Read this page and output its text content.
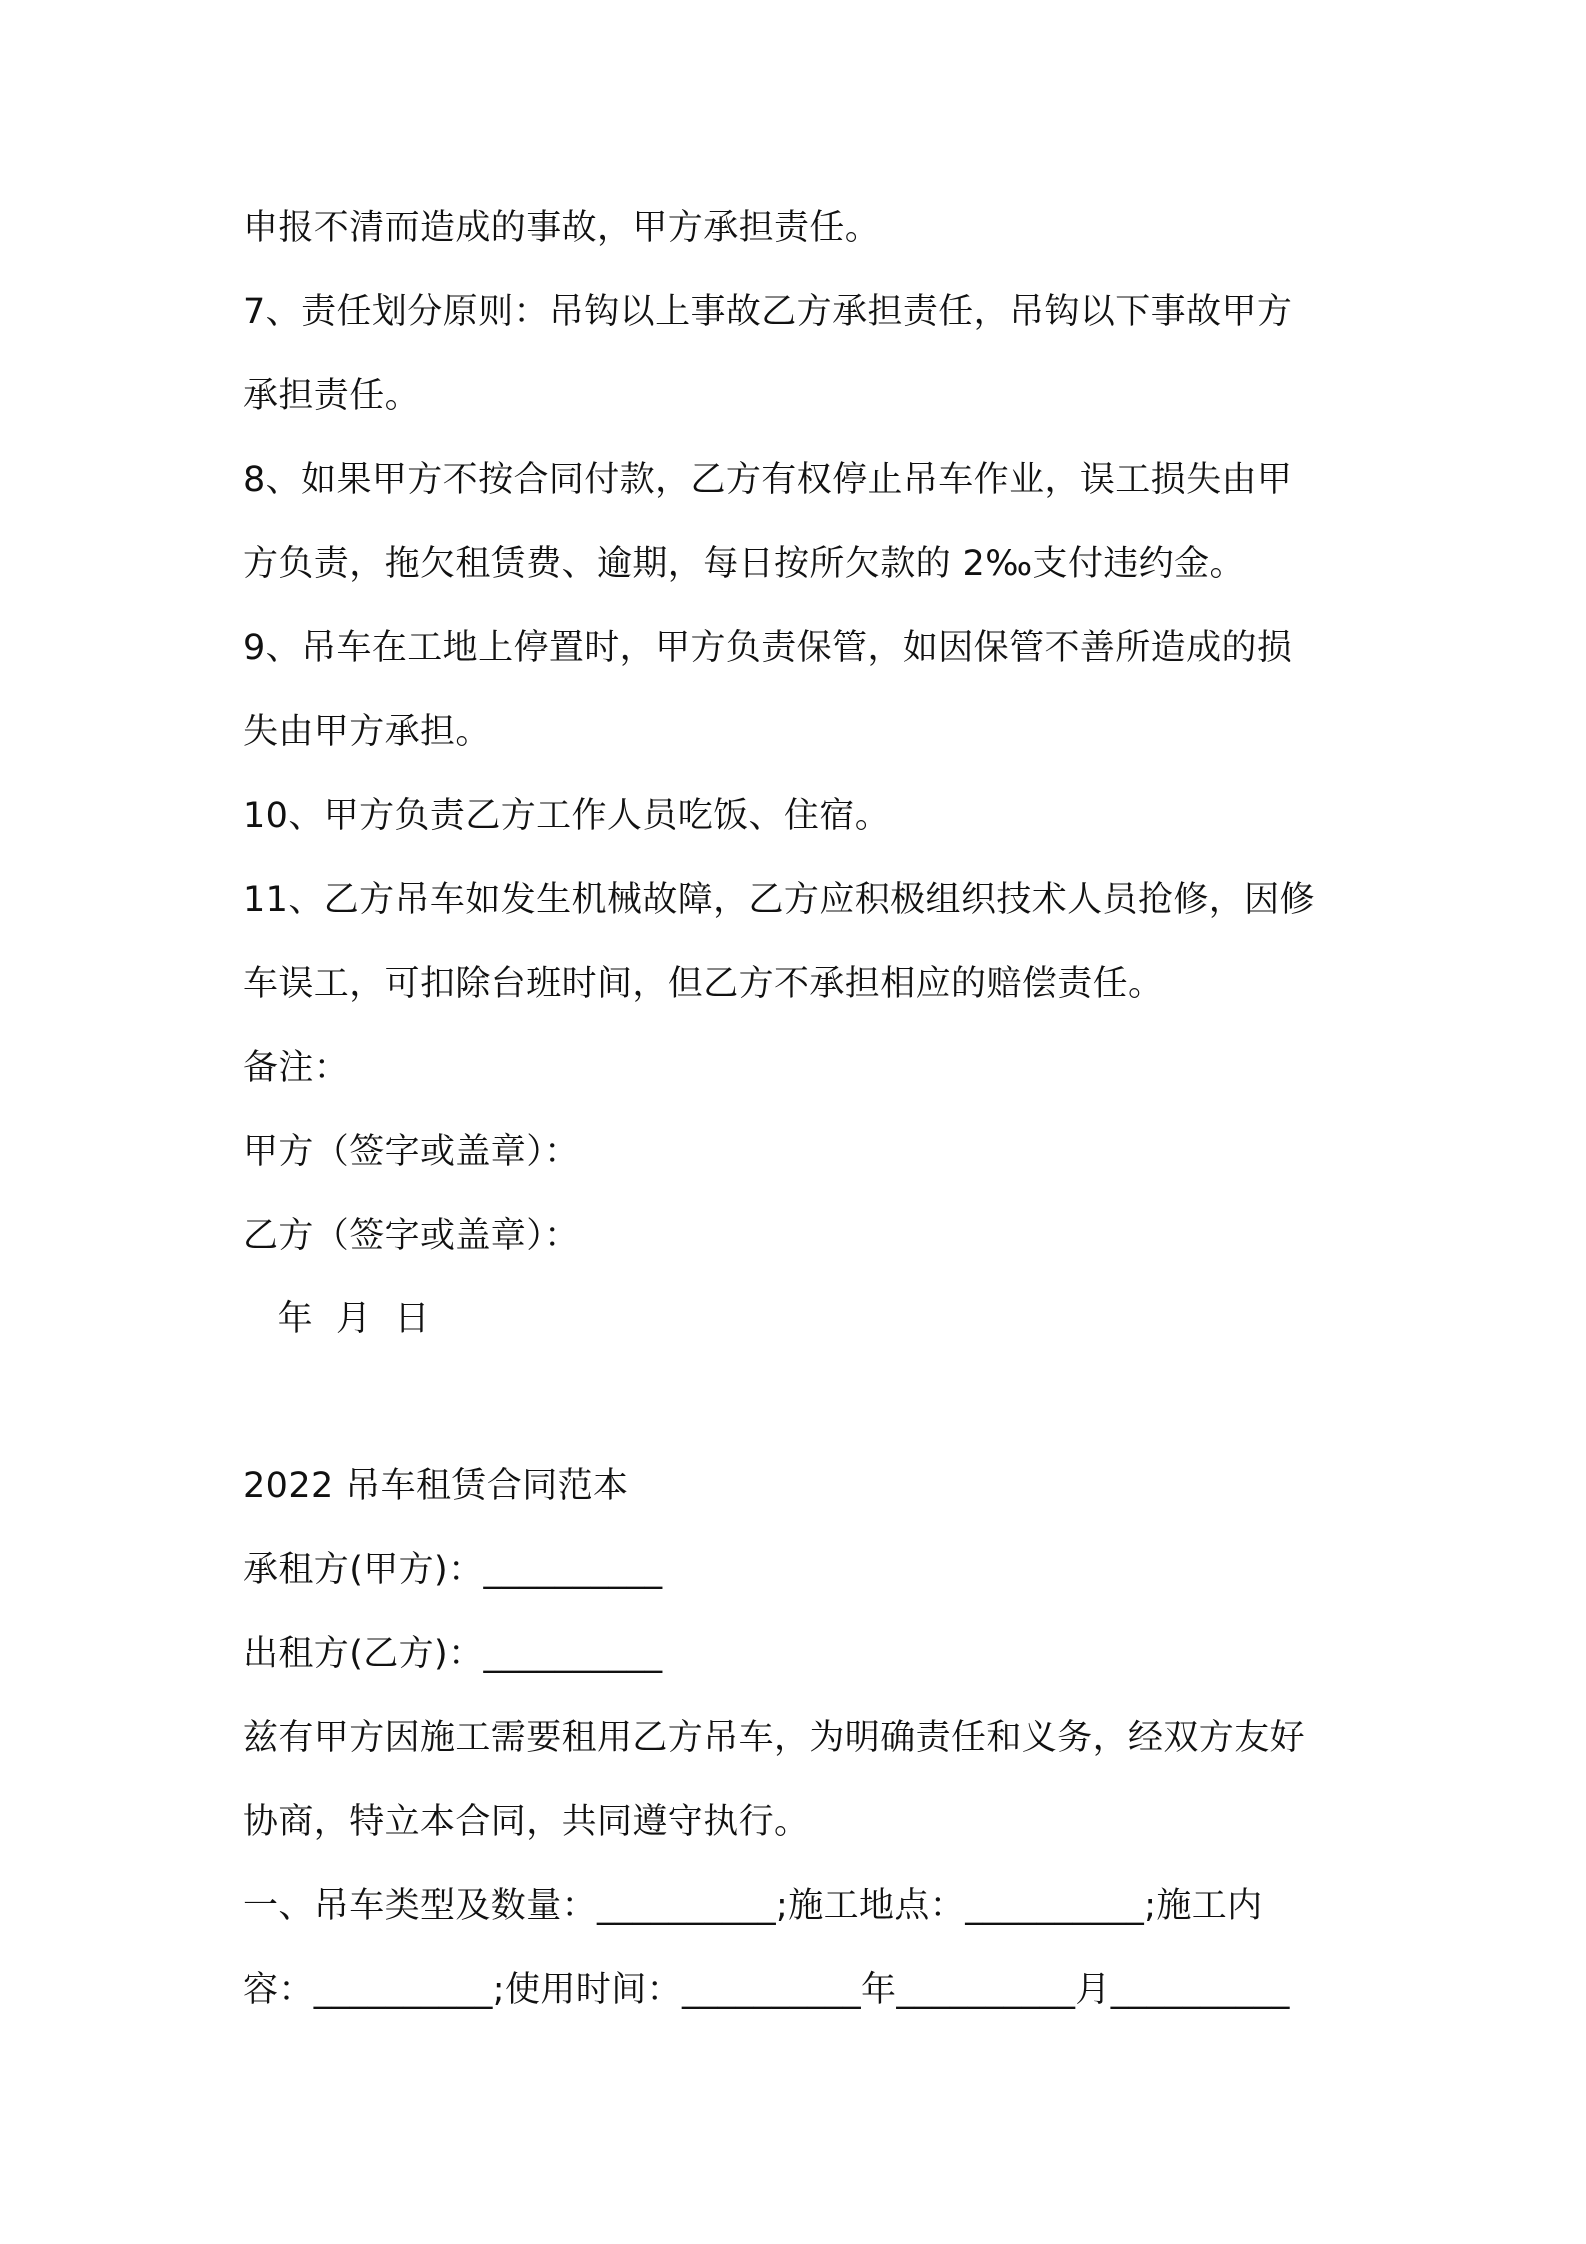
申报不清而造成的事故，甲方承担责任。
7、责任划分原则：吊钩以上事故乙方承担责任，吊钩以下事故甲方
承担责任。
8、如果甲方不按合同付款，乙方有权停止吊车作业，误工损失由甲
方负责，拖欠租赁费、逾期，每日按所欠款的 2‰支付违约金。
9、吊车在工地上停置时，甲方负责保管，如因保管不善所造成的损
失由甲方承担。
10、甲方负责乙方工作人员吃饭、住宿。
11、乙方吊车如发生机械故障，乙方应积极组织技术人员抢修，因修
车误工，可扣除台班时间，但乙方不承担相应的赔偿责任。
备注：
甲方（签字或盖章）：
乙方（签字或盖章）：
年  月  日
2022 吊车租赁合同范本
承租方(甲方)：__________
出租方(乙方)：__________
兹有甲方因施工需要租用乙方吊车，为明确责任和义务，经双方友好
协商，特立本合同，共同遵守执行。
一、吊车类型及数量：__________;施工地点：__________;施工内
容：__________;使用时间：__________年__________月__________
